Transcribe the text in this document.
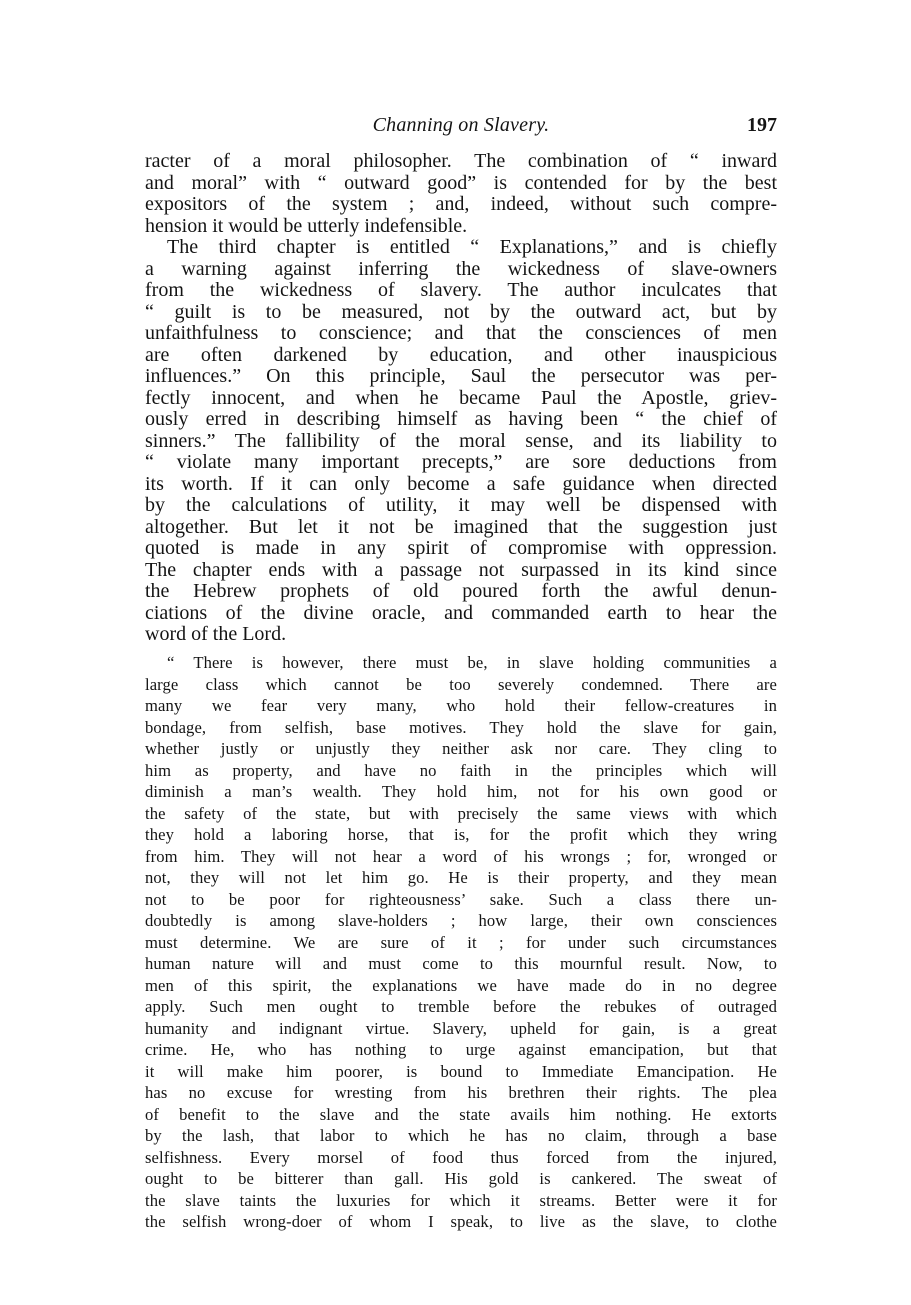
Channing on Slavery.	197
racter of a moral philosopher. The combination of “ inward
and moral” with “ outward good” is contended for by the best
expositors of the system ; and, indeed, without such compre-
hension it would be utterly indefensible.
The third chapter is entitled “ Explanations,” and is chiefly
a warning against inferring the wickedness of slave-owners
from the wickedness of slavery. The author inculcates that
“ guilt is to be measured, not by the outward act, but by
unfaithfulness to conscience; and that the consciences of men
are often darkened by education, and other inauspicious
influences.” On this principle, Saul the persecutor was per-
fectly innocent, and when he became Paul the Apostle, griev-
ously erred in describing himself as having been “ the chief of
sinners.” The fallibility of the moral sense, and its liability to
“ violate many important precepts,” are sore deductions from
its worth. If it can only become a safe guidance when directed
by the calculations of utility, it may well be dispensed with
altogether. But let it not be imagined that the suggestion just
quoted is made in any spirit of compromise with oppression.
The chapter ends with a passage not surpassed in its kind since
the Hebrew prophets of old poured forth the awful denun-
ciations of the divine oracle, and commanded earth to hear the
word of the Lord.
“ There is however, there must be, in slave holding communities a
large class which cannot be too severely condemned. There are
many we fear very many, who hold their fellow-creatures in
bondage, from selfish, base motives. They hold the slave for gain,
whether justly or unjustly they neither ask nor care. They cling to
him as property, and have no faith in the principles which will
diminish a man’s wealth. They hold him, not for his own good or
the safety of the state, but with precisely the same views with which
they hold a laboring horse, that is, for the profit which they wring
from him. They will not hear a word of his wrongs ; for, wronged or
not, they will not let him go. He is their property, and they mean
not to be poor for righteousness’ sake. Such a class there un-
doubtedly is among slave-holders ; how large, their own consciences
must determine. We are sure of it ; for under such circumstances
human nature will and must come to this mournful result. Now, to
men of this spirit, the explanations we have made do in no degree
apply. Such men ought to tremble before the rebukes of outraged
humanity and indignant virtue. Slavery, upheld for gain, is a great
crime. He, who has nothing to urge against emancipation, but that
it will make him poorer, is bound to Immediate Emancipation. He
has no excuse for wresting from his brethren their rights. The plea
of benefit to the slave and the state avails him nothing. He extorts
by the lash, that labor to which he has no claim, through a base
selfishness. Every morsel of food thus forced from the injured,
ought to be bitterer than gall. His gold is cankered. The sweat of
the slave taints the luxuries for which it streams. Better were it for
the selfish wrong-doer of whom I speak, to live as the slave, to clothe
